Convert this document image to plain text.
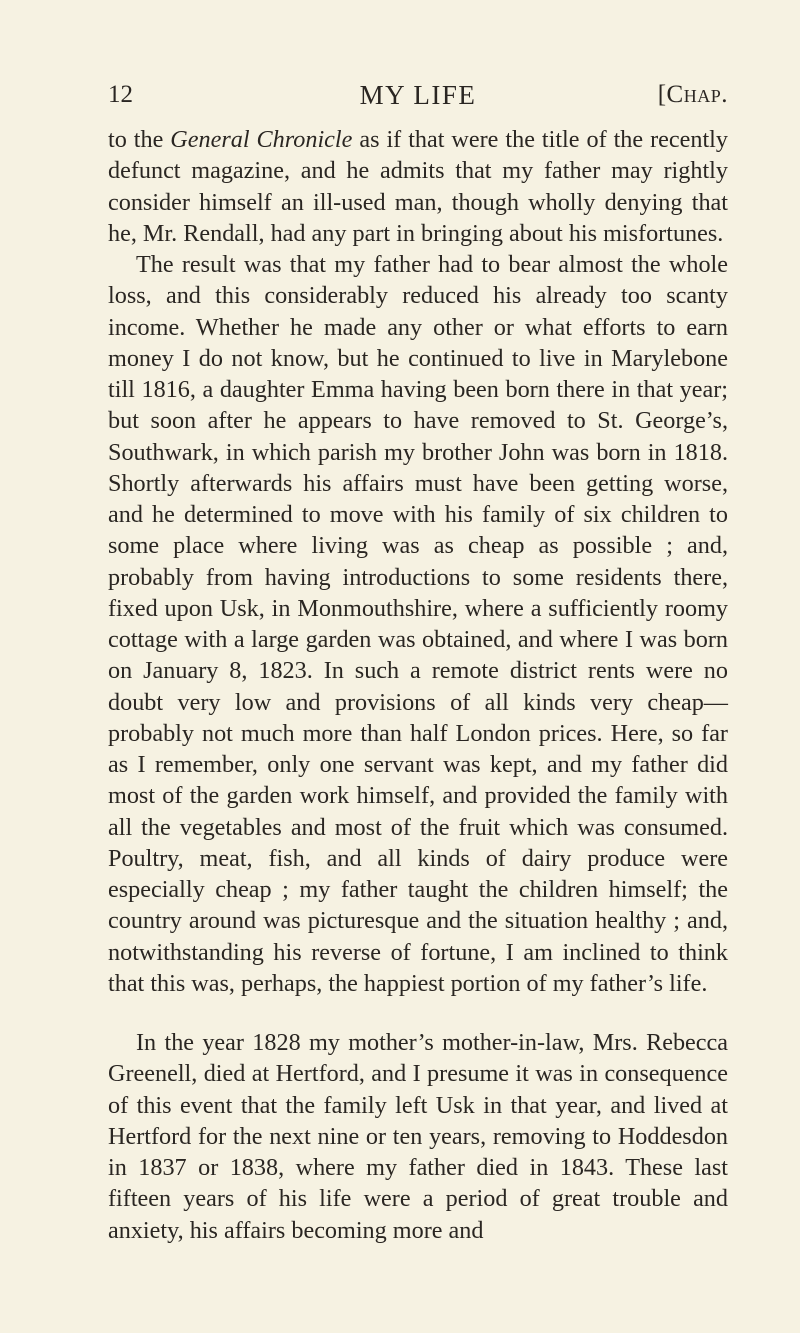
12	MY LIFE	[Chap.

to the General Chronicle as if that were the title of the recently defunct magazine, and he admits that my father may rightly consider himself an ill-used man, though wholly denying that he, Mr. Rendall, had any part in bringing about his misfortunes.

The result was that my father had to bear almost the whole loss, and this considerably reduced his already too scanty income. Whether he made any other or what efforts to earn money I do not know, but he continued to live in Marylebone till 1816, a daughter Emma having been born there in that year; but soon after he appears to have removed to St. George’s, Southwark, in which parish my brother John was born in 1818. Shortly afterwards his affairs must have been getting worse, and he determined to move with his family of six children to some place where living was as cheap as possible ; and, probably from having introductions to some residents there, fixed upon Usk, in Monmouthshire, where a sufficiently roomy cottage with a large garden was obtained, and where I was born on January 8, 1823. In such a remote district rents were no doubt very low and provisions of all kinds very cheap—probably not much more than half London prices. Here, so far as I remember, only one servant was kept, and my father did most of the garden work himself, and provided the family with all the vegetables and most of the fruit which was consumed. Poultry, meat, fish, and all kinds of dairy produce were especially cheap ; my father taught the children himself; the country around was picturesque and the situation healthy ; and, notwithstanding his reverse of fortune, I am inclined to think that this was, perhaps, the happiest portion of my father’s life.

In the year 1828 my mother’s mother-in-law, Mrs. Rebecca Greenell, died at Hertford, and I presume it was in consequence of this event that the family left Usk in that year, and lived at Hertford for the next nine or ten years, removing to Hoddesdon in 1837 or 1838, where my father died in 1843. These last fifteen years of his life were a period of great trouble and anxiety, his affairs becoming more and
